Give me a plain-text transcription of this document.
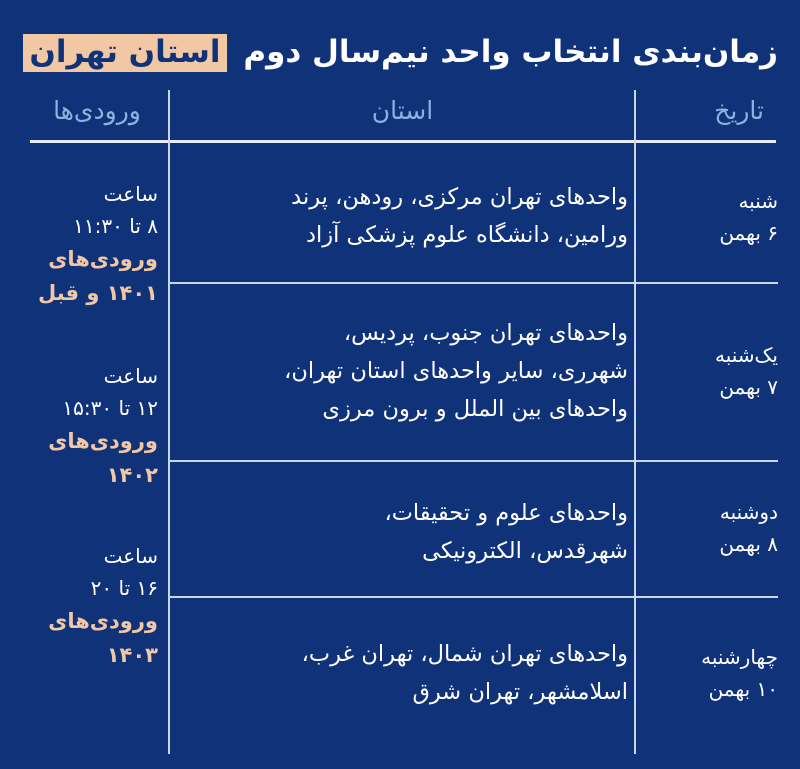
زمان‌بندی انتخاب واحد نیم‌سال دوم استان تهران
تاریخ
استان
ورودی‌ها
شنبه
۶ بهمن
واحدهای تهران مرکزی، رودهن، پرند
ورامین، دانشگاه علوم پزشکی آزاد
یک‌شنبه
۷ بهمن
واحدهای تهران جنوب، پردیس،
شهرری، سایر واحدهای استان تهران،
واحدهای بین الملل و برون مرزی
دوشنبه
۸ بهمن
واحدهای علوم و تحقیقات،
شهرقدس، الکترونیکی
چهارشنبه
۱۰ بهمن
واحدهای تهران شمال، تهران غرب،
اسلامشهر، تهران شرق
ساعت
۸ تا ۱۱:۳۰
ورودی‌های
۱۴۰۱ و قبل
ساعت
۱۲ تا ۱۵:۳۰
ورودی‌های
۱۴۰۲
ساعت
۱۶ تا ۲۰
ورودی‌های
۱۴۰۳
